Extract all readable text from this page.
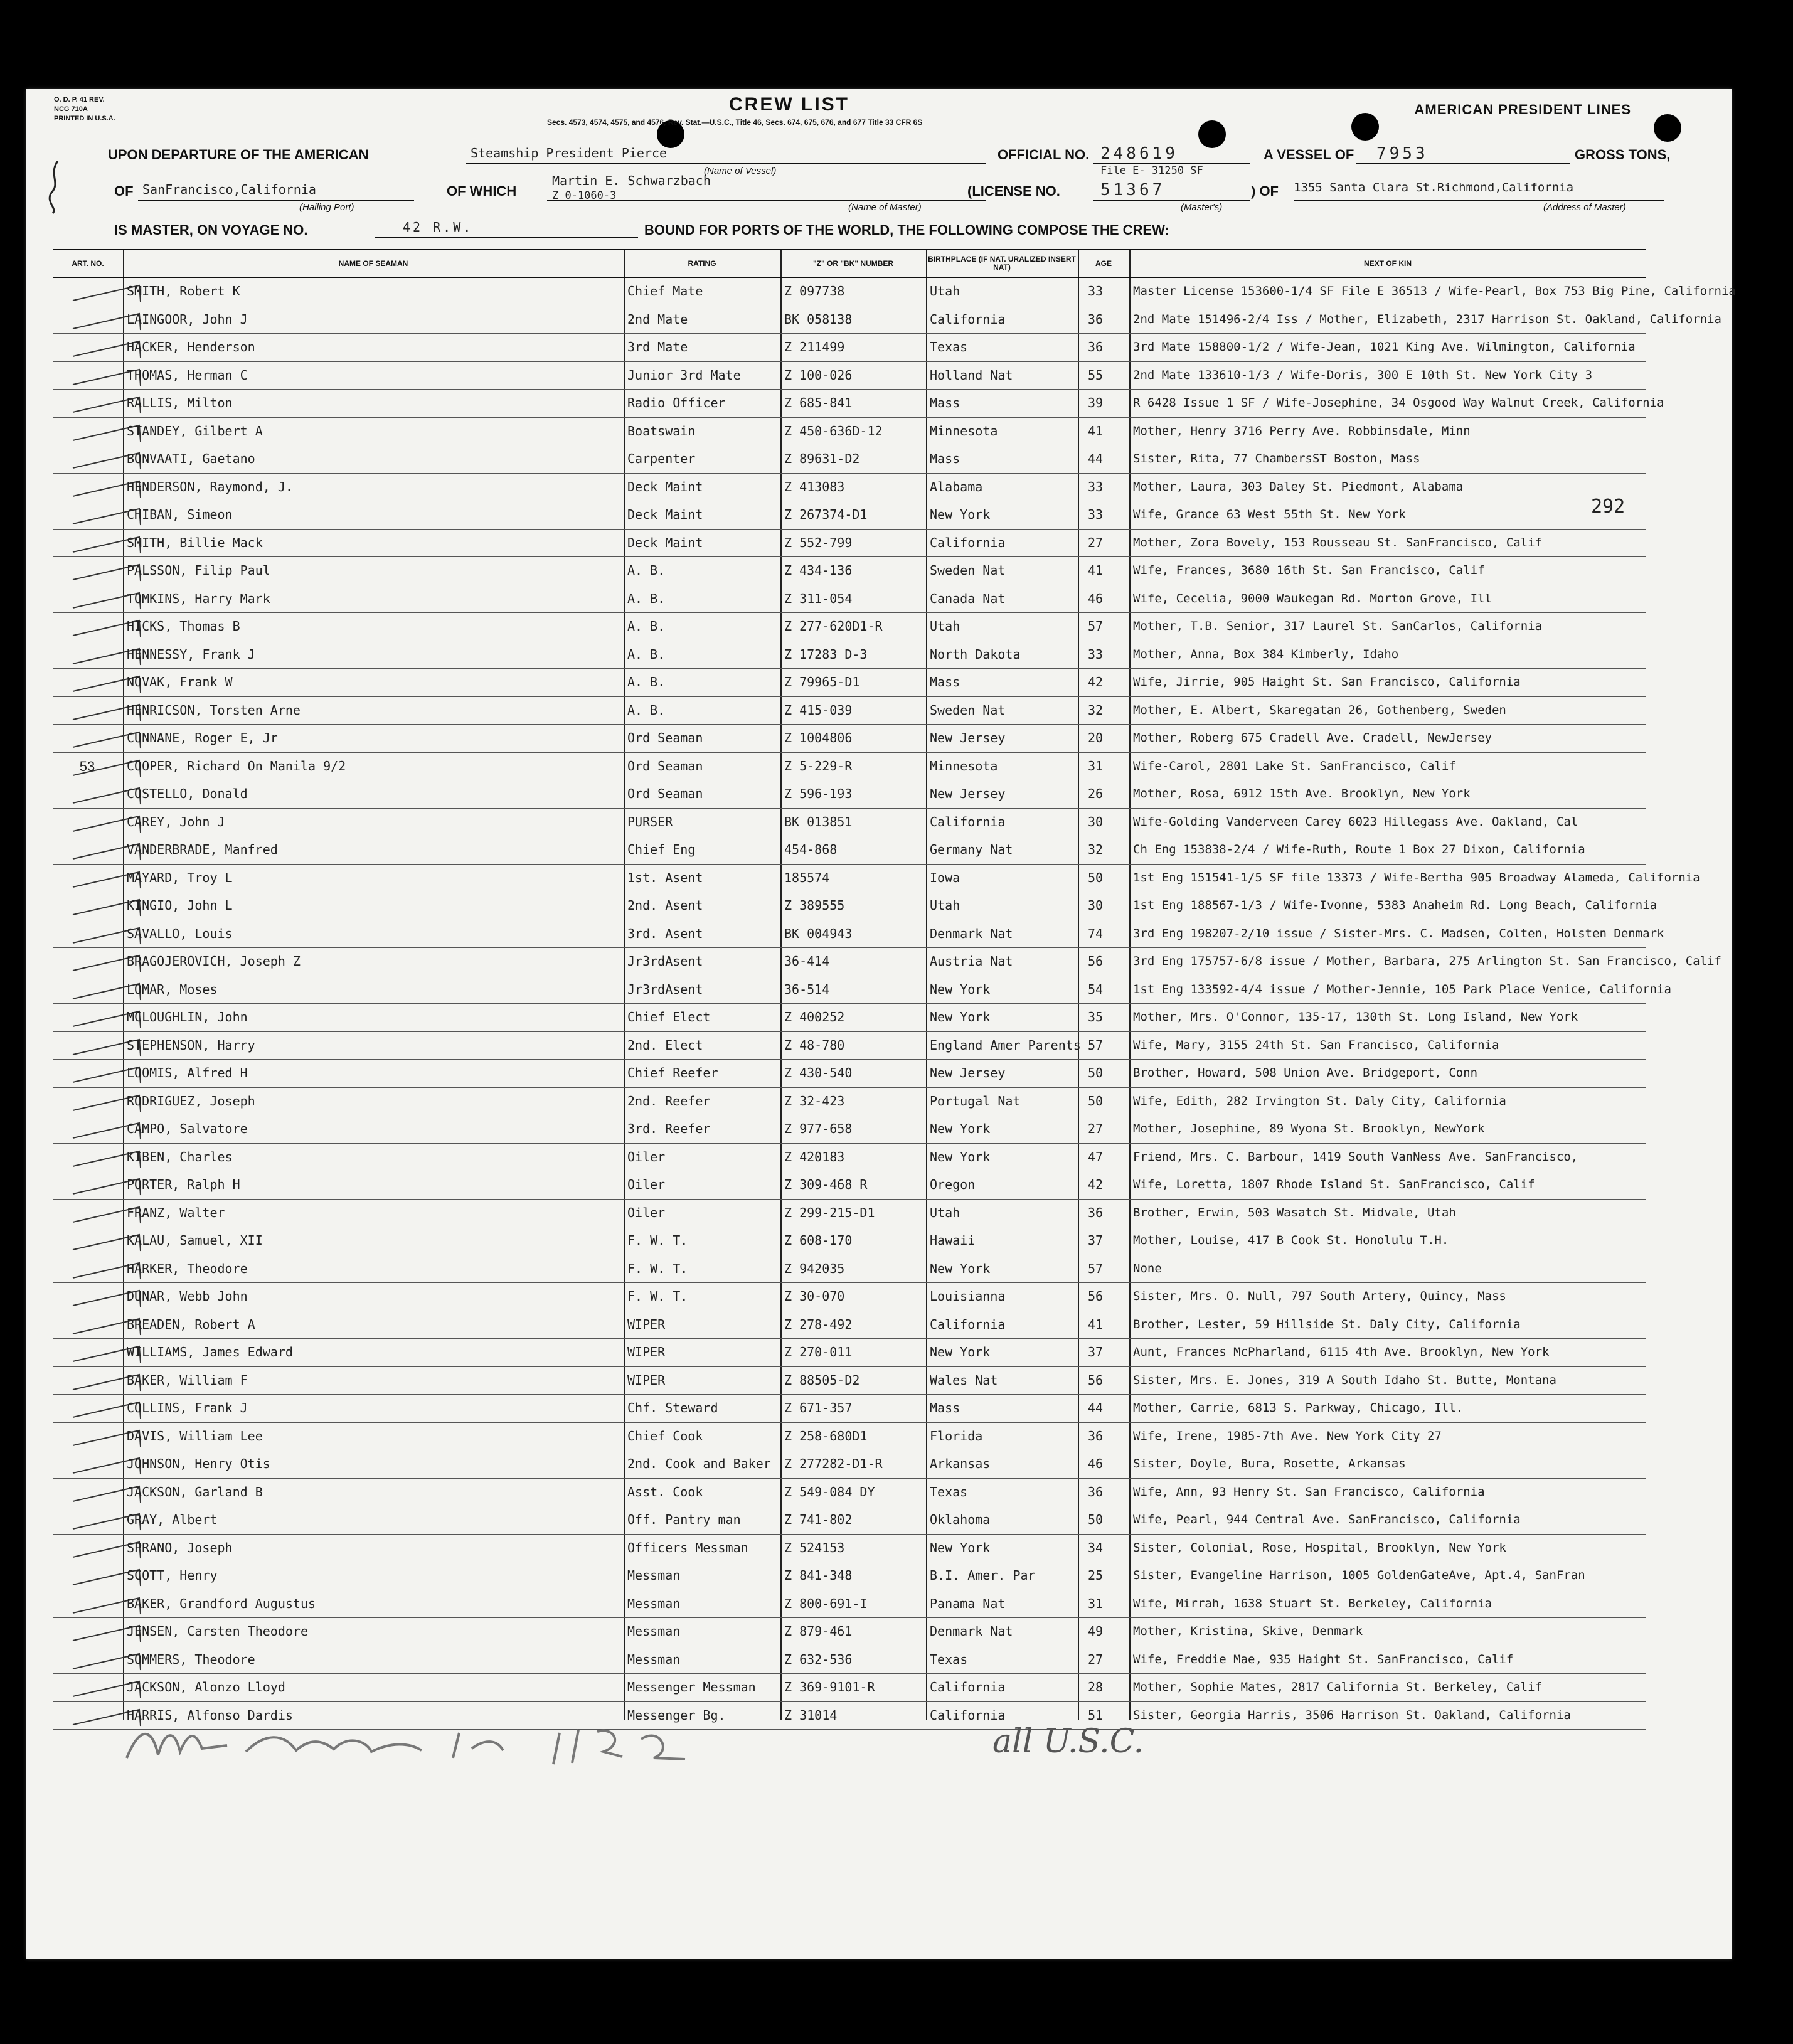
O. D. P. 41 REV.
NCG 710A
PRINTED IN U.S.A.
CREW LIST
Secs. 4573, 4574, 4575, and 4576, Rev. Stat.—U.S.C., Title 46, Secs. 674, 675, 676, and 677 Title 33 CFR 6S
AMERICAN PRESIDENT LINES
UPON DEPARTURE OF THE AMERICAN	Steamship President Pierce
(Name of Vessel)
OFFICIAL NO. 248619
File E- 31250 SF
A VESSEL OF 7953	GROSS TONS,
OF SanFrancisco,California
(Hailing Port)
OF WHICH
Martin E. Schwarzbach
Z 0-1060-3
(Name of Master)
(LICENSE NO. 51367
(Master's)
) OF 1355 Santa Clara St.Richmond,California
(Address of Master)
IS MASTER, ON VOYAGE NO.	42 R.W.	BOUND FOR PORTS OF THE WORLD, THE FOLLOWING COMPOSE THE CREW:
292
ART. NO.	NAME OF SEAMAN	RATING	"Z" OR "BK" NUMBER	BIRTHPLACE (IF NAT. URALIZED INSERT NAT)	AGE	NEXT OF KIN
SMITH, Robert K	Chief Mate	Z 097738	Utah	33	Master License 153600-1/4 SF File E 36513 / Wife-Pearl, Box 753 Big Pine, California
LAINGOOR, John J	2nd Mate	BK 058138	California	36	2nd Mate 151496-2/4 Iss / Mother, Elizabeth, 2317 Harrison St. Oakland, California
HACKER, Henderson	3rd Mate	Z 211499	Texas	36	3rd Mate 158800-1/2 / Wife-Jean, 1021 King Ave. Wilmington, California
THOMAS, Herman C	Junior 3rd Mate	Z 100-026	Holland Nat	55	2nd Mate 133610-1/3 / Wife-Doris, 300 E 10th St. New York City 3
RALLIS, Milton	Radio Officer	Z 685-841	Mass	39	R 6428 Issue 1 SF / Wife-Josephine, 34 Osgood Way Walnut Creek, California
STANDEY, Gilbert A	Boatswain	Z 450-636D-12	Minnesota	41	Mother, Henry 3716 Perry Ave. Robbinsdale, Minn
BONVAATI, Gaetano	Carpenter	Z 89631-D2	Mass	44	Sister, Rita, 77 ChambersST Boston, Mass
HENDERSON, Raymond, J.	Deck Maint	Z 413083	Alabama	33	Mother, Laura, 303 Daley St. Piedmont, Alabama
CHIBAN, Simeon	Deck Maint	Z 267374-D1	New York	33	Wife, Grance 63 West 55th St. New York
SMITH, Billie Mack	Deck Maint	Z 552-799	California	27	Mother, Zora Bovely, 153 Rousseau St. SanFrancisco, Calif
PALSSON, Filip Paul	A. B.	Z 434-136	Sweden Nat	41	Wife, Frances, 3680 16th St. San Francisco, Calif
TOMKINS, Harry Mark	A. B.	Z 311-054	Canada Nat	46	Wife, Cecelia, 9000 Waukegan Rd. Morton Grove, Ill
HICKS, Thomas B	A. B.	Z 277-620D1-R	Utah	57	Mother, T.B. Senior, 317 Laurel St. SanCarlos, California
HENNESSY, Frank J	A. B.	Z 17283 D-3	North Dakota	33	Mother, Anna, Box 384 Kimberly, Idaho
NOVAK, Frank W	A. B.	Z 79965-D1	Mass	42	Wife, Jirrie, 905 Haight St. San Francisco, California
HENRICSON, Torsten Arne	A. B.	Z 415-039	Sweden Nat	32	Mother, E. Albert, Skaregatan 26, Gothenberg, Sweden
CUNNANE, Roger E, Jr	Ord Seaman	Z 1004806	New Jersey	20	Mother, Roberg 675 Cradell Ave. Cradell, NewJersey
53	COOPER, Richard On Manila 9/2	Ord Seaman	Z 5-229-R	Minnesota	31	Wife-Carol, 2801 Lake St. SanFrancisco, Calif
COSTELLO, Donald	Ord Seaman	Z 596-193	New Jersey	26	Mother, Rosa, 6912 15th Ave. Brooklyn, New York
CAREY, John J	PURSER	BK 013851	California	30	Wife-Golding Vanderveen Carey 6023 Hillegass Ave. Oakland, Cal
VANDERBRADE, Manfred	Chief Eng	454-868	Germany Nat	32	Ch Eng 153838-2/4 / Wife-Ruth, Route 1 Box 27 Dixon, California
MAYARD, Troy L	1st. Asent	185574	Iowa	50	1st Eng 151541-1/5 SF file 13373 / Wife-Bertha 905 Broadway Alameda, California
KINGIO, John L	2nd. Asent	Z 389555	Utah	30	1st Eng 188567-1/3 / Wife-Ivonne, 5383 Anaheim Rd. Long Beach, California
SAVALLO, Louis	3rd. Asent	BK 004943	Denmark Nat	74	3rd Eng 198207-2/10 issue / Sister-Mrs. C. Madsen, Colten, Holsten Denmark
BRAGOJEROVICH, Joseph Z	Jr3rdAsent	36-414	Austria Nat	56	3rd Eng 175757-6/8 issue / Mother, Barbara, 275 Arlington St. San Francisco, Calif
LOMAR, Moses	Jr3rdAsent	36-514	New York	54	1st Eng 133592-4/4 issue / Mother-Jennie, 105 Park Place Venice, California
MCLOUGHLIN, John	Chief Elect	Z 400252	New York	35	Mother, Mrs. O'Connor, 135-17, 130th St. Long Island, New York
STEPHENSON, Harry	2nd. Elect	Z 48-780	England Amer Parents 57	Wife, Mary, 3155 24th St. San Francisco, California
LOOMIS, Alfred H	Chief Reefer	Z 430-540	New Jersey	50	Brother, Howard, 508 Union Ave. Bridgeport, Conn
RODRIGUEZ, Joseph	2nd. Reefer	Z 32-423	Portugal Nat	50	Wife, Edith, 282 Irvington St. Daly City, California
CAMPO, Salvatore	3rd. Reefer	Z 977-658	New York	27	Mother, Josephine, 89 Wyona St. Brooklyn, NewYork
KIBEN, Charles	Oiler	Z 420183	New York	47	Friend, Mrs. C. Barbour, 1419 South VanNess Ave. SanFrancisco,
PORTER, Ralph H	Oiler	Z 309-468 R	Oregon	42	Wife, Loretta, 1807 Rhode Island St. SanFrancisco, Calif
FRANZ, Walter	Oiler	Z 299-215-D1	Utah	36	Brother, Erwin, 503 Wasatch St. Midvale, Utah
KALAU, Samuel, XII	F. W. T.	Z 608-170	Hawaii	37	Mother, Louise, 417 B Cook St. Honolulu T.H.
HARKER, Theodore	F. W. T.	Z 942035	New York	57	None
DUNAR, Webb John	F. W. T.	Z 30-070	Louisianna	56	Sister, Mrs. O. Null, 797 South Artery, Quincy, Mass
BREADEN, Robert A	WIPER	Z 278-492	California	41	Brother, Lester, 59 Hillside St. Daly City, California
WILLIAMS, James Edward	WIPER	Z 270-011	New York	37	Aunt, Frances McPharland, 6115 4th Ave. Brooklyn, New York
BAKER, William F	WIPER	Z 88505-D2	Wales Nat	56	Sister, Mrs. E. Jones, 319 A South Idaho St. Butte, Montana
COLLINS, Frank J	Chf. Steward	Z 671-357	Mass	44	Mother, Carrie, 6813 S. Parkway, Chicago, Ill.
DAVIS, William Lee	Chief Cook	Z 258-680D1	Florida	36	Wife, Irene, 1985-7th Ave. New York City 27
JOHNSON, Henry Otis	2nd. Cook and Baker	Z 277282-D1-R	Arkansas	46	Sister, Doyle, Bura, Rosette, Arkansas
JACKSON, Garland B	Asst. Cook	Z 549-084 DY	Texas	36	Wife, Ann, 93 Henry St. San Francisco, California
GRAY, Albert	Off. Pantry man	Z 741-802	Oklahoma	50	Wife, Pearl, 944 Central Ave. SanFrancisco, California
SPRANO, Joseph	Officers Messman	Z 524153	New York	34	Sister, Colonial, Rose, Hospital, Brooklyn, New York
SCOTT, Henry	Messman	Z 841-348	B.I. Amer. Par	25	Sister, Evangeline Harrison, 1005 GoldenGateAve, Apt.4, SanFran
BAKER, Grandford Augustus	Messman	Z 800-691-I	Panama Nat	31	Wife, Mirrah, 1638 Stuart St. Berkeley, California
JENSEN, Carsten Theodore	Messman	Z 879-461	Denmark Nat	49	Mother, Kristina, Skive, Denmark
SOMMERS, Theodore	Messman	Z 632-536	Texas	27	Wife, Freddie Mae, 935 Haight St. SanFrancisco, Calif
JACKSON, Alonzo Lloyd	Messenger Messman	Z 369-9101-R	California	28	Mother, Sophie Mates, 2817 California St. Berkeley, Calif
HARRIS, Alfonso Dardis	Messenger Bg.	Z 31014	California	51	Sister, Georgia Harris, 3506 Harrison St. Oakland, California
all U.S.C.
